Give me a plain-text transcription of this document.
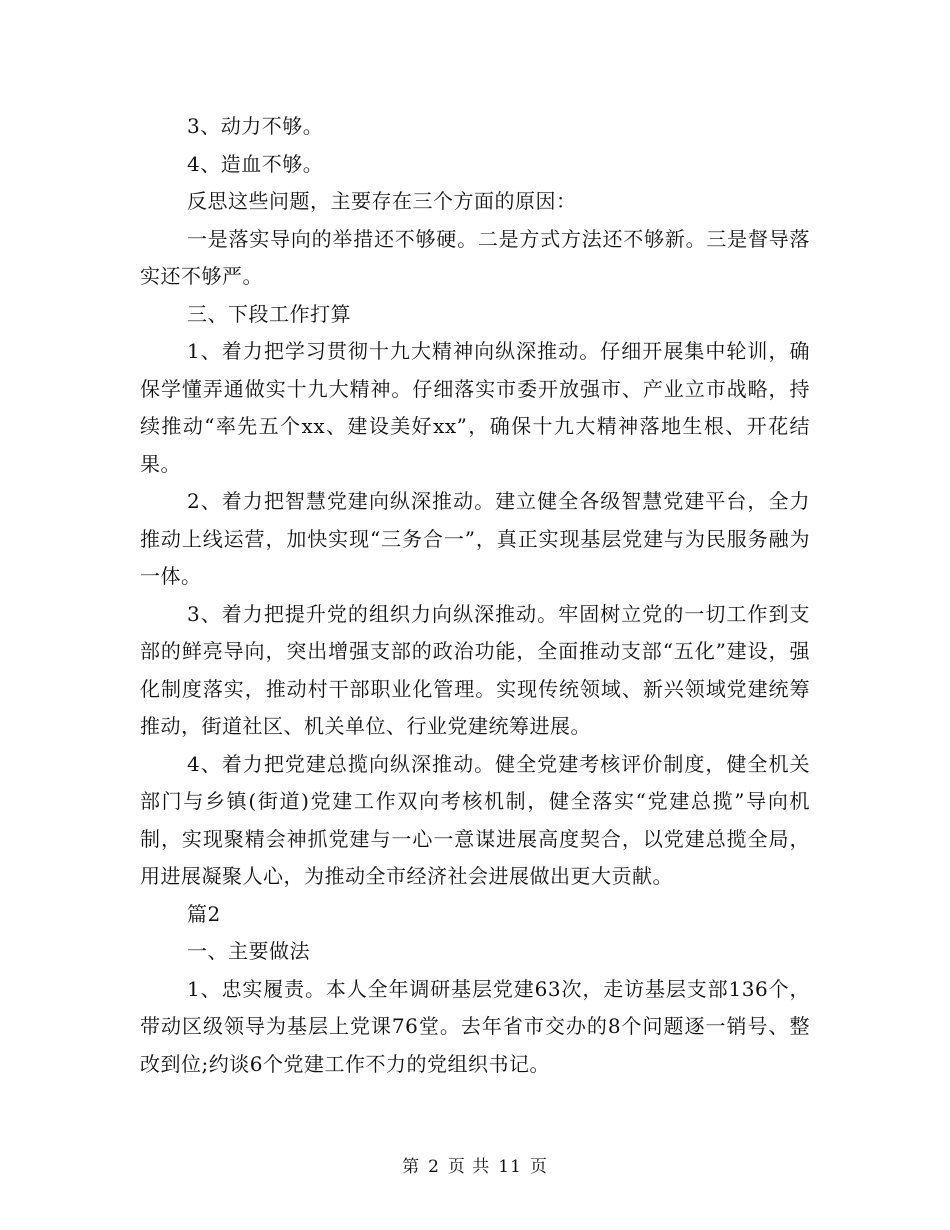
3、动力不够。

4、造血不够。

反思这些问题，主要存在三个方面的原因：

一是落实导向的举措还不够硬。二是方式方法还不够新。三是督导落实还不够严。

三、下段工作打算

1、着力把学习贯彻十九大精神向纵深推动。仔细开展集中轮训，确保学懂弄通做实十九大精神。仔细落实市委开放强市、产业立市战略，持续推动“率先五个xx、建设美好xx”，确保十九大精神落地生根、开花结果。

2、着力把智慧党建向纵深推动。建立健全各级智慧党建平台，全力推动上线运营，加快实现“三务合一”，真正实现基层党建与为民服务融为一体。

3、着力把提升党的组织力向纵深推动。牢固树立党的一切工作到支部的鲜亮导向，突出增强支部的政治功能，全面推动支部“五化”建设，强化制度落实，推动村干部职业化管理。实现传统领域、新兴领域党建统筹推动，街道社区、机关单位、行业党建统筹进展。

4、着力把党建总揽向纵深推动。健全党建考核评价制度，健全机关部门与乡镇(街道)党建工作双向考核机制，健全落实“党建总揽”导向机制，实现聚精会神抓党建与一心一意谋进展高度契合，以党建总揽全局，用进展凝聚人心，为推动全市经济社会进展做出更大贡献。

篇2

一、主要做法

1、忠实履责。本人全年调研基层党建63次，走访基层支部136个，带动区级领导为基层上党课76堂。去年省市交办的8个问题逐一销号、整改到位;约谈6个党建工作不力的党组织书记。

第 2 页 共 11 页
